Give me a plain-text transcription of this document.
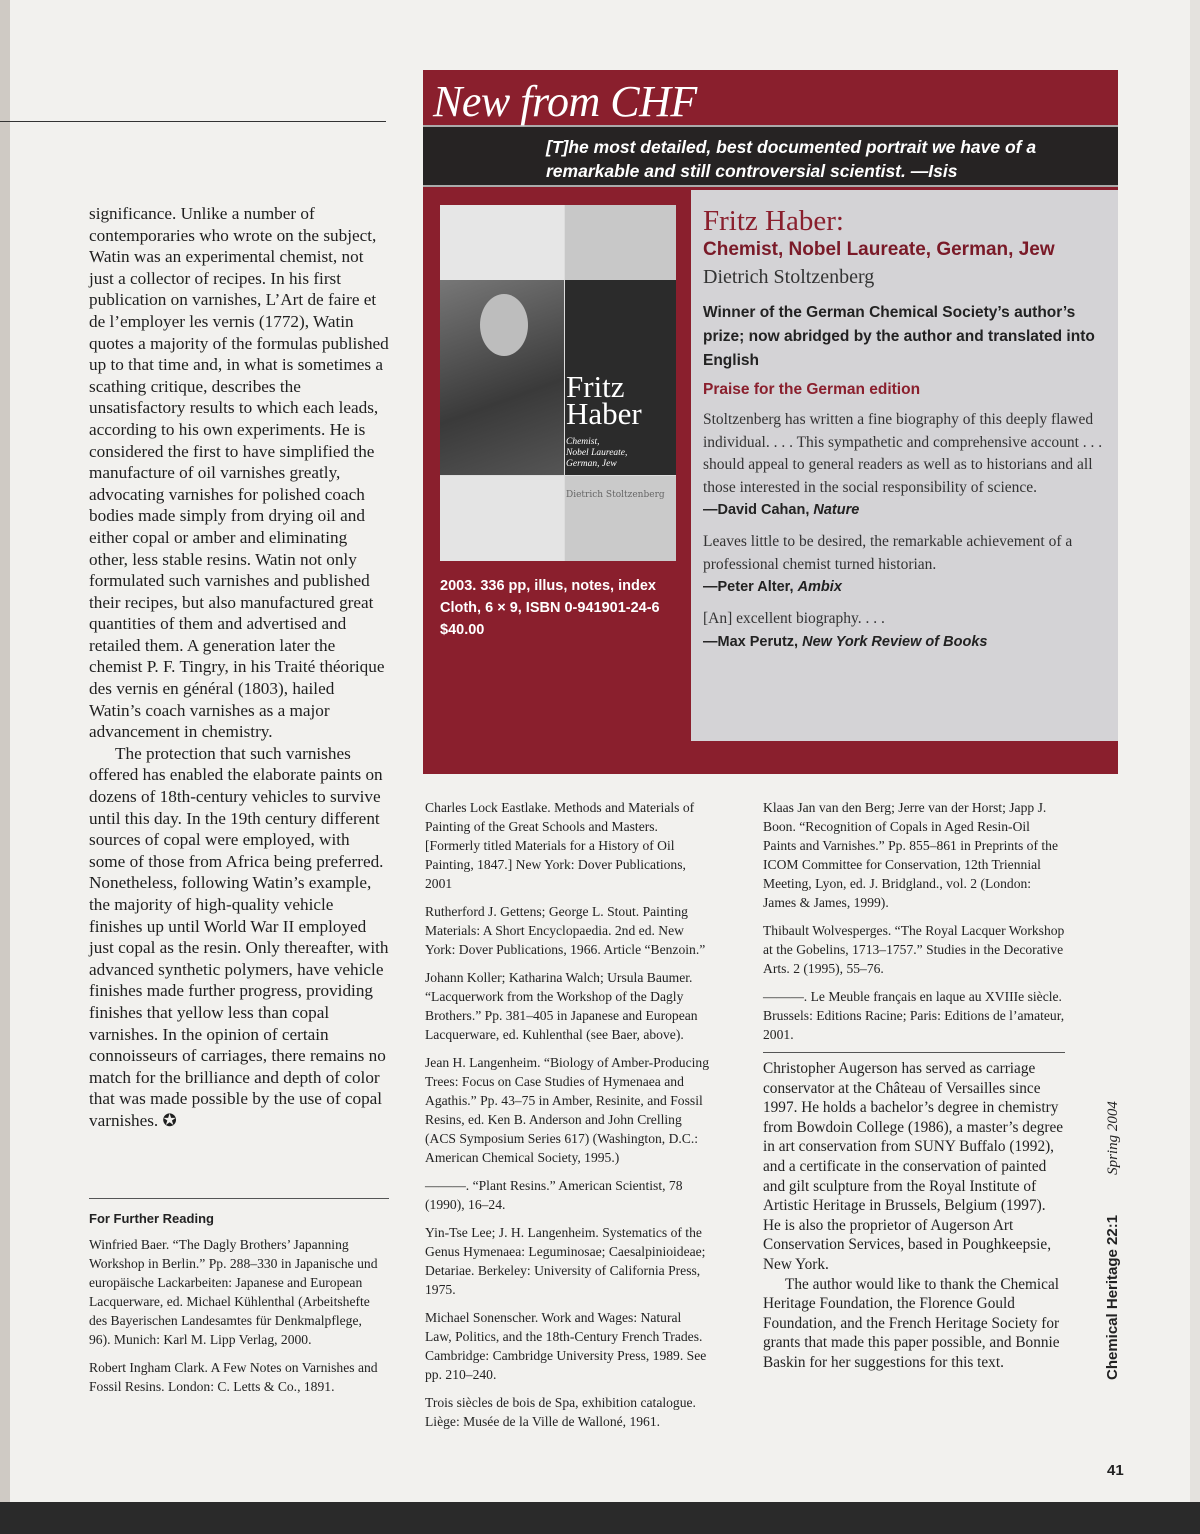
significance. Unlike a number of contemporaries who wrote on the subject, Watin was an experimental chemist, not just a collector of recipes. In his first publication on varnishes, L’Art de faire et de l’employer les vernis (1772), Watin quotes a majority of the formulas published up to that time and, in what is sometimes a scathing critique, describes the unsatisfactory results to which each leads, according to his own experiments. He is considered the first to have simplified the manufacture of oil varnishes greatly, advocating varnishes for polished coach bodies made simply from drying oil and either copal or amber and eliminating other, less stable resins. Watin not only formulated such varnishes and published their recipes, but also manufactured great quantities of them and advertised and retailed them. A generation later the chemist P. F. Tingry, in his Traité théorique des vernis en général (1803), hailed Watin’s coach varnishes as a major advancement in chemistry.

The protection that such varnishes offered has enabled the elaborate paints on dozens of 18th-century vehicles to survive until this day. In the 19th century different sources of copal were employed, with some of those from Africa being preferred. Nonetheless, following Watin’s example, the majority of high-quality vehicle finishes up until World War II employed just copal as the resin. Only thereafter, with advanced synthetic polymers, have vehicle finishes made further progress, providing finishes that yellow less than copal varnishes. In the opinion of certain connoisseurs of carriages, there remains no match for the brilliance and depth of color that was made possible by the use of copal varnishes. ✪

For Further Reading

Winfried Baer. “The Dagly Brothers’ Japanning Workshop in Berlin.” Pp. 288–330 in Japanische und europäische Lackarbeiten: Japanese and European Lacquerware, ed. Michael Kühlenthal (Arbeitshefte des Bayerischen Landesamtes für Denkmalpflege, 96). Munich: Karl M. Lipp Verlag, 2000.

Robert Ingham Clark. A Few Notes on Varnishes and Fossil Resins. London: C. Letts & Co., 1891.

Charles Lock Eastlake. Methods and Materials of Painting of the Great Schools and Masters. [Formerly titled Materials for a History of Oil Painting, 1847.] New York: Dover Publications, 2001

Rutherford J. Gettens; George L. Stout. Painting Materials: A Short Encyclopaedia. 2nd ed. New York: Dover Publications, 1966. Article “Benzoin.”

Johann Koller; Katharina Walch; Ursula Baumer. “Lacquerwork from the Workshop of the Dagly Brothers.” Pp. 381–405 in Japanese and European Lacquerware, ed. Kuhlenthal (see Baer, above).

Jean H. Langenheim. “Biology of Amber-Producing Trees: Focus on Case Studies of Hymenaea and Agathis.” Pp. 43–75 in Amber, Resinite, and Fossil Resins, ed. Ken B. Anderson and John Crelling (ACS Symposium Series 617) (Washington, D.C.: American Chemical Society, 1995.)

———. “Plant Resins.” American Scientist, 78 (1990), 16–24.

Yin-Tse Lee; J. H. Langenheim. Systematics of the Genus Hymenaea: Leguminosae; Caesalpinioideae; Detariae. Berkeley: University of California Press, 1975.

Michael Sonenscher. Work and Wages: Natural Law, Politics, and the 18th-Century French Trades. Cambridge: Cambridge University Press, 1989. See pp. 210–240.

Trois siècles de bois de Spa, exhibition catalogue. Liège: Musée de la Ville de Walloné, 1961.

Klaas Jan van den Berg; Jerre van der Horst; Japp J. Boon. “Recognition of Copals in Aged Resin-Oil Paints and Varnishes.” Pp. 855–861 in Preprints of the ICOM Committee for Conservation, 12th Triennial Meeting, Lyon, ed. J. Bridgland., vol. 2 (London: James & James, 1999).

Thibault Wolvesperges. “The Royal Lacquer Workshop at the Gobelins, 1713–1757.” Studies in the Decorative Arts. 2 (1995), 55–76.

———. Le Meuble français en laque au XVIIIe siècle. Brussels: Editions Racine; Paris: Editions de l’amateur, 2001.

Christopher Augerson has served as carriage conservator at the Château of Versailles since 1997. He holds a bachelor’s degree in chemistry from Bowdoin College (1986), a master’s degree in art conservation from SUNY Buffalo (1992), and a certificate in the conservation of painted and gilt sculpture from the Royal Institute of Artistic Heritage in Brussels, Belgium (1997). He is also the proprietor of Augerson Art Conservation Services, based in Poughkeepsie, New York.

The author would like to thank the Chemical Heritage Foundation, the Florence Gould Foundation, and the French Heritage Society for grants that made this paper possible, and Bonnie Baskin for her suggestions for this text.

[T]he most detailed, best documented portrait we have of a
remarkable and still controversial scientist. —Isis
New from CHF
Fritz
Haber
Chemist,
Nobel Laureate,
German, Jew
Dietrich Stoltzenberg
2003. 336 pp, illus, notes, index
Cloth, 6 × 9, ISBN 0-941901-24-6
$40.00
Fritz Haber:
Chemist, Nobel Laureate, German, Jew
Dietrich Stoltzenberg
Winner of the German Chemical Society’s author’s prize; now abridged by the author and translated into English
Praise for the German edition
Stoltzenberg has written a fine biography of this deeply flawed individual. . . . This sympathetic and comprehensive account . . . should appeal to general readers as well as to historians and all those interested in the social responsibility of science.
—David Cahan, Nature
Leaves little to be desired, the remarkable achievement of a professional chemist turned historian.
—Peter Alter, Ambix
[An] excellent biography. . . .
—Max Perutz, New York Review of Books
Chemical Heritage 22:1Spring 2004
41
